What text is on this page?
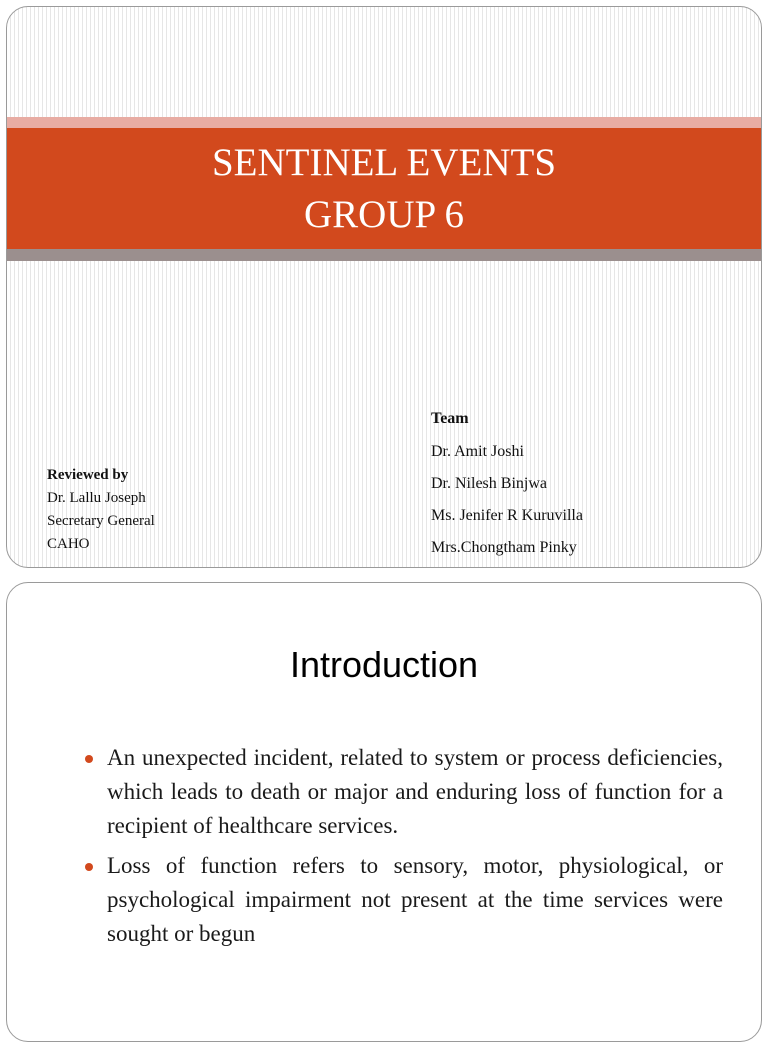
SENTINEL EVENTS
GROUP 6
Team
Dr. Amit Joshi
Dr. Nilesh Binjwa
Ms. Jenifer R Kuruvilla
Mrs.Chongtham Pinky
Reviewed by
Dr. Lallu Joseph
Secretary General
CAHO
Introduction
An unexpected incident, related to system or process deficiencies, which leads to death or major and enduring loss of function for a recipient of healthcare services.
Loss of function refers to sensory, motor, physiological, or psychological impairment not present at the time services were sought or begun
